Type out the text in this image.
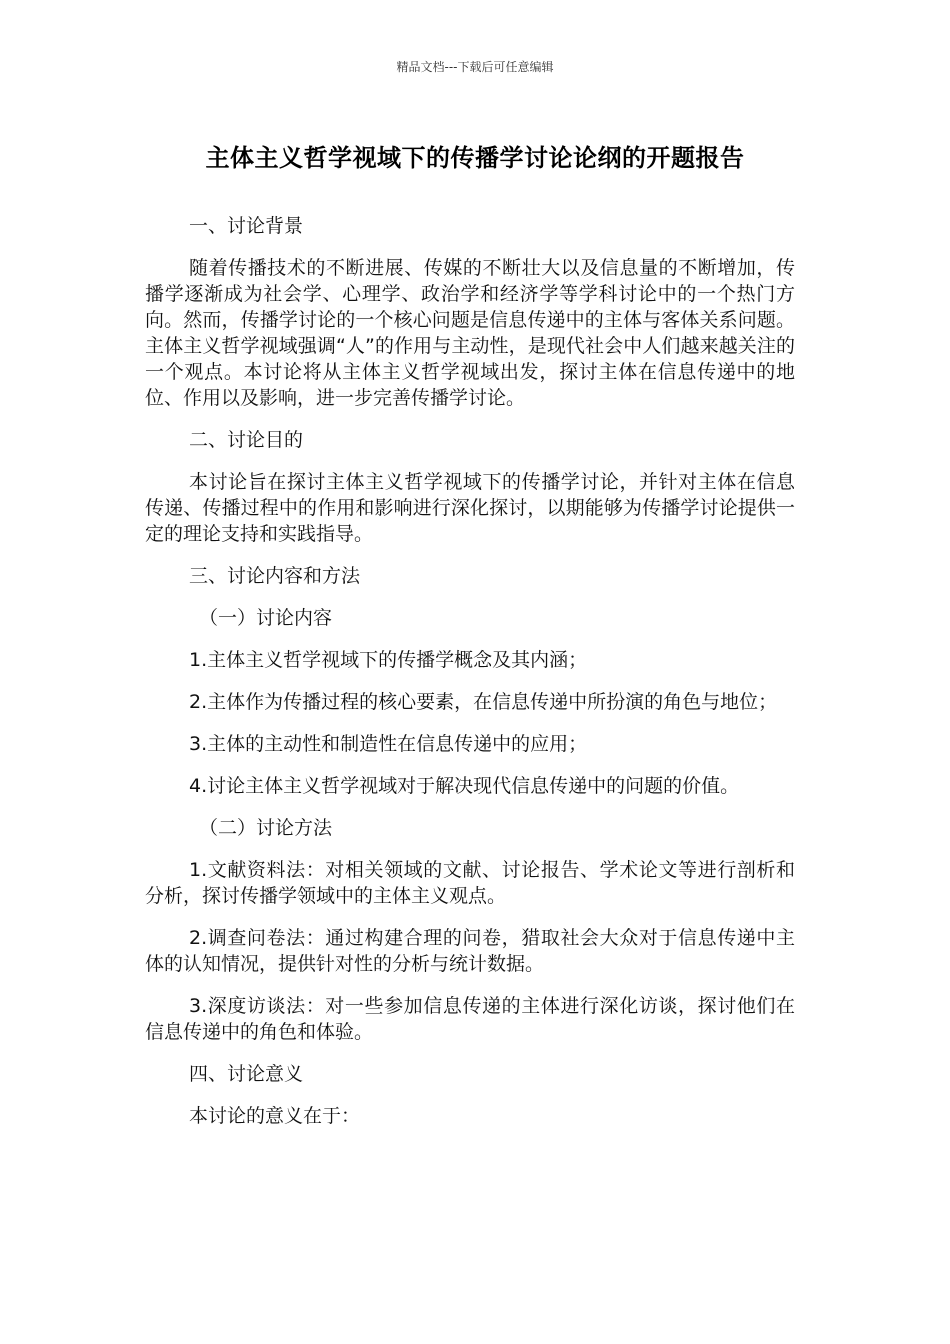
精品文档---下载后可任意编辑
主体主义哲学视域下的传播学讨论论纲的开题报告

一、讨论背景

随着传播技术的不断进展、传媒的不断壮大以及信息量的不断增加，传播学逐渐成为社会学、心理学、政治学和经济学等学科讨论中的一个热门方向。然而，传播学讨论的一个核心问题是信息传递中的主体与客体关系问题。主体主义哲学视域强调“人”的作用与主动性，是现代社会中人们越来越关注的一个观点。本讨论将从主体主义哲学视域出发，探讨主体在信息传递中的地位、作用以及影响，进一步完善传播学讨论。

二、讨论目的

本讨论旨在探讨主体主义哲学视域下的传播学讨论，并针对主体在信息传递、传播过程中的作用和影响进行深化探讨，以期能够为传播学讨论提供一定的理论支持和实践指导。

三、讨论内容和方法

（一）讨论内容

1.主体主义哲学视域下的传播学概念及其内涵；

2.主体作为传播过程的核心要素，在信息传递中所扮演的角色与地位；

3.主体的主动性和制造性在信息传递中的应用；

4.讨论主体主义哲学视域对于解决现代信息传递中的问题的价值。

（二）讨论方法

1.文献资料法：对相关领域的文献、讨论报告、学术论文等进行剖析和分析，探讨传播学领域中的主体主义观点。

2.调查问卷法：通过构建合理的问卷，猎取社会大众对于信息传递中主体的认知情况，提供针对性的分析与统计数据。

3.深度访谈法：对一些参加信息传递的主体进行深化访谈，探讨他们在信息传递中的角色和体验。

四、讨论意义

本讨论的意义在于：
